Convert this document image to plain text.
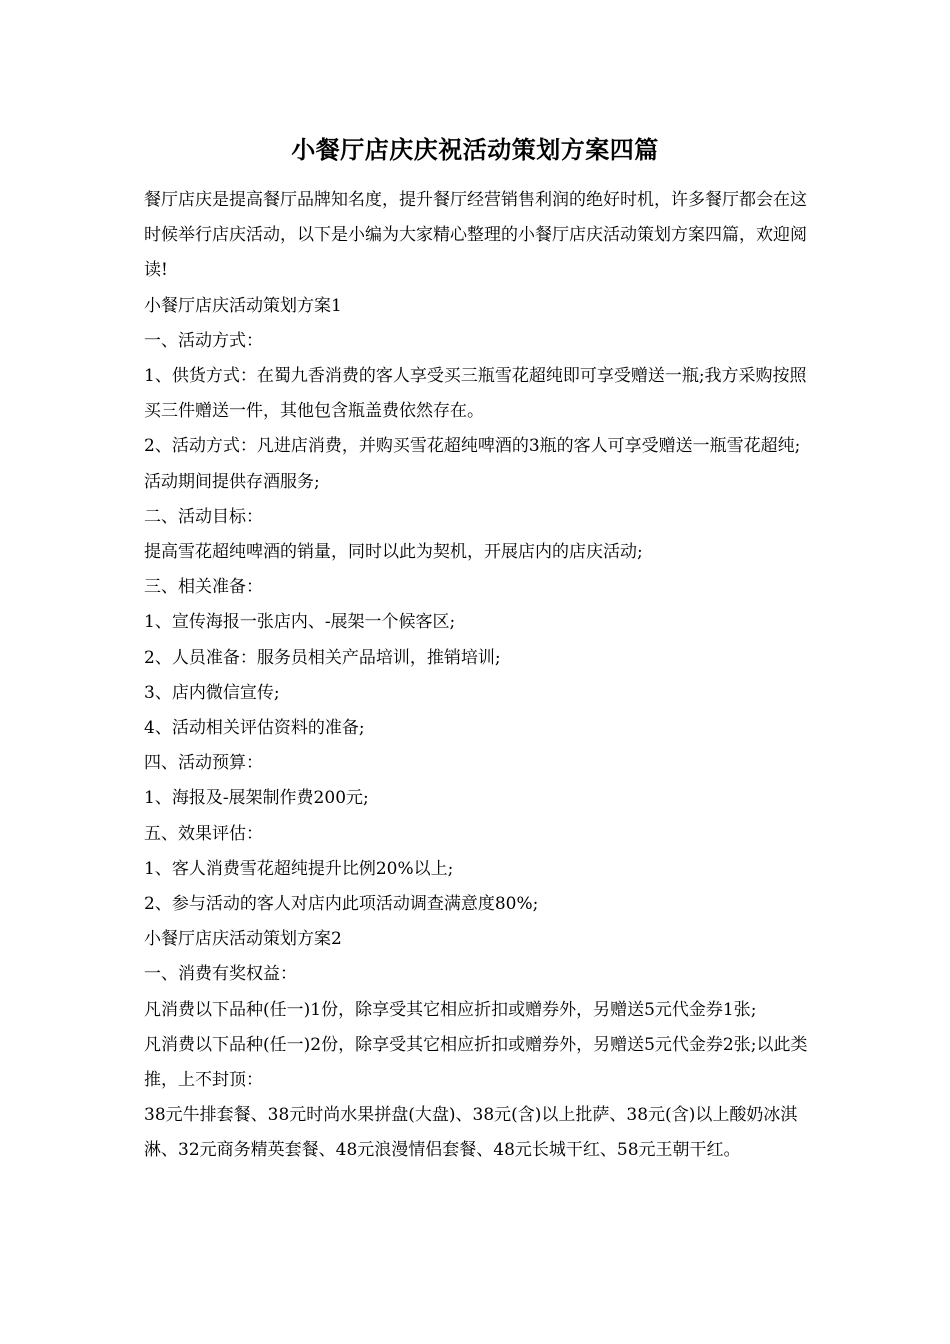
小餐厅店庆庆祝活动策划方案四篇

餐厅店庆是提高餐厅品牌知名度，提升餐厅经营销售利润的绝好时机，许多餐厅都会在这时候举行店庆活动，以下是小编为大家精心整理的小餐厅店庆活动策划方案四篇，欢迎阅读!

小餐厅店庆活动策划方案1

一、活动方式：

1、供货方式：在蜀九香消费的客人享受买三瓶雪花超纯即可享受赠送一瓶;我方采购按照买三件赠送一件，其他包含瓶盖费依然存在。

2、活动方式：凡进店消费，并购买雪花超纯啤酒的3瓶的客人可享受赠送一瓶雪花超纯;活动期间提供存酒服务;

二、活动目标：

提高雪花超纯啤酒的销量，同时以此为契机，开展店内的店庆活动;

三、相关准备：

1、宣传海报一张店内、-展架一个候客区;

2、人员准备：服务员相关产品培训，推销培训;

3、店内微信宣传;

4、活动相关评估资料的准备;

四、活动预算：

1、海报及-展架制作费200元;

五、效果评估：

1、客人消费雪花超纯提升比例20%以上;

2、参与活动的客人对店内此项活动调查满意度80%;

小餐厅店庆活动策划方案2

一、消费有奖权益：

凡消费以下品种(任一)1份，除享受其它相应折扣或赠券外，另赠送5元代金券1张;

凡消费以下品种(任一)2份，除享受其它相应折扣或赠券外，另赠送5元代金券2张;以此类推，上不封顶：

38元牛排套餐、38元时尚水果拼盘(大盘)、38元(含)以上批萨、38元(含)以上酸奶冰淇淋、32元商务精英套餐、48元浪漫情侣套餐、48元长城干红、58元王朝干红。
